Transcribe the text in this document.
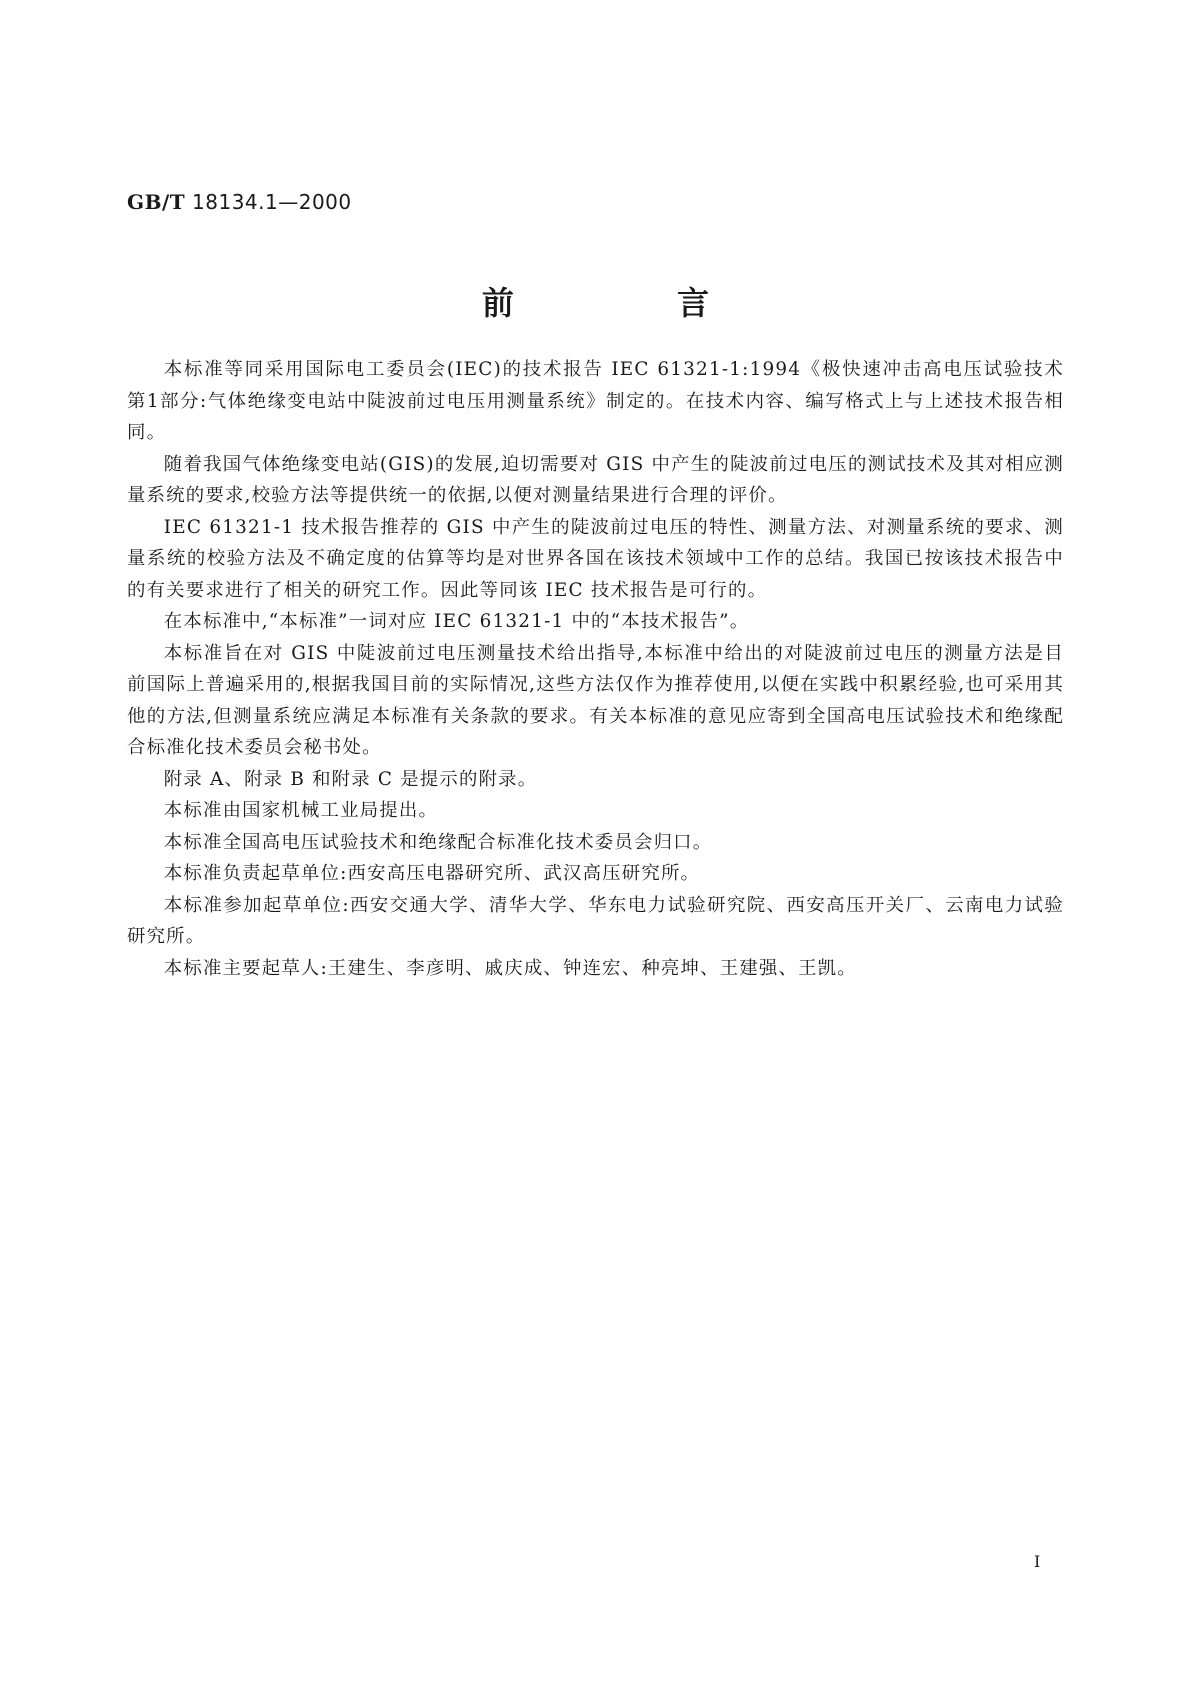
GB/T 18134.1—2000
前 言

本标准等同采用国际电工委员会(IEC)的技术报告 IEC 61321-1:1994《极快速冲击高电压试验技术　第1部分:气体绝缘变电站中陡波前过电压用测量系统》制定的。在技术内容、编写格式上与上述技术报告相同。

随着我国气体绝缘变电站(GIS)的发展,迫切需要对 GIS 中产生的陡波前过电压的测试技术及其对相应测量系统的要求,校验方法等提供统一的依据,以便对测量结果进行合理的评价。

IEC 61321-1 技术报告推荐的 GIS 中产生的陡波前过电压的特性、测量方法、对测量系统的要求、测量系统的校验方法及不确定度的估算等均是对世界各国在该技术领域中工作的总结。我国已按该技术报告中的有关要求进行了相关的研究工作。因此等同该 IEC 技术报告是可行的。

在本标准中,“本标准”一词对应 IEC 61321-1 中的“本技术报告”。

本标准旨在对 GIS 中陡波前过电压测量技术给出指导,本标准中给出的对陡波前过电压的测量方法是目前国际上普遍采用的,根据我国目前的实际情况,这些方法仅作为推荐使用,以便在实践中积累经验,也可采用其他的方法,但测量系统应满足本标准有关条款的要求。有关本标准的意见应寄到全国高电压试验技术和绝缘配合标准化技术委员会秘书处。

附录 A、附录 B 和附录 C 是提示的附录。

本标准由国家机械工业局提出。

本标准全国高电压试验技术和绝缘配合标准化技术委员会归口。

本标准负责起草单位:西安高压电器研究所、武汉高压研究所。

本标准参加起草单位:西安交通大学、清华大学、华东电力试验研究院、西安高压开关厂、云南电力试验研究所。

本标准主要起草人:王建生、李彦明、戚庆成、钟连宏、种亮坤、王建强、王凯。

I
